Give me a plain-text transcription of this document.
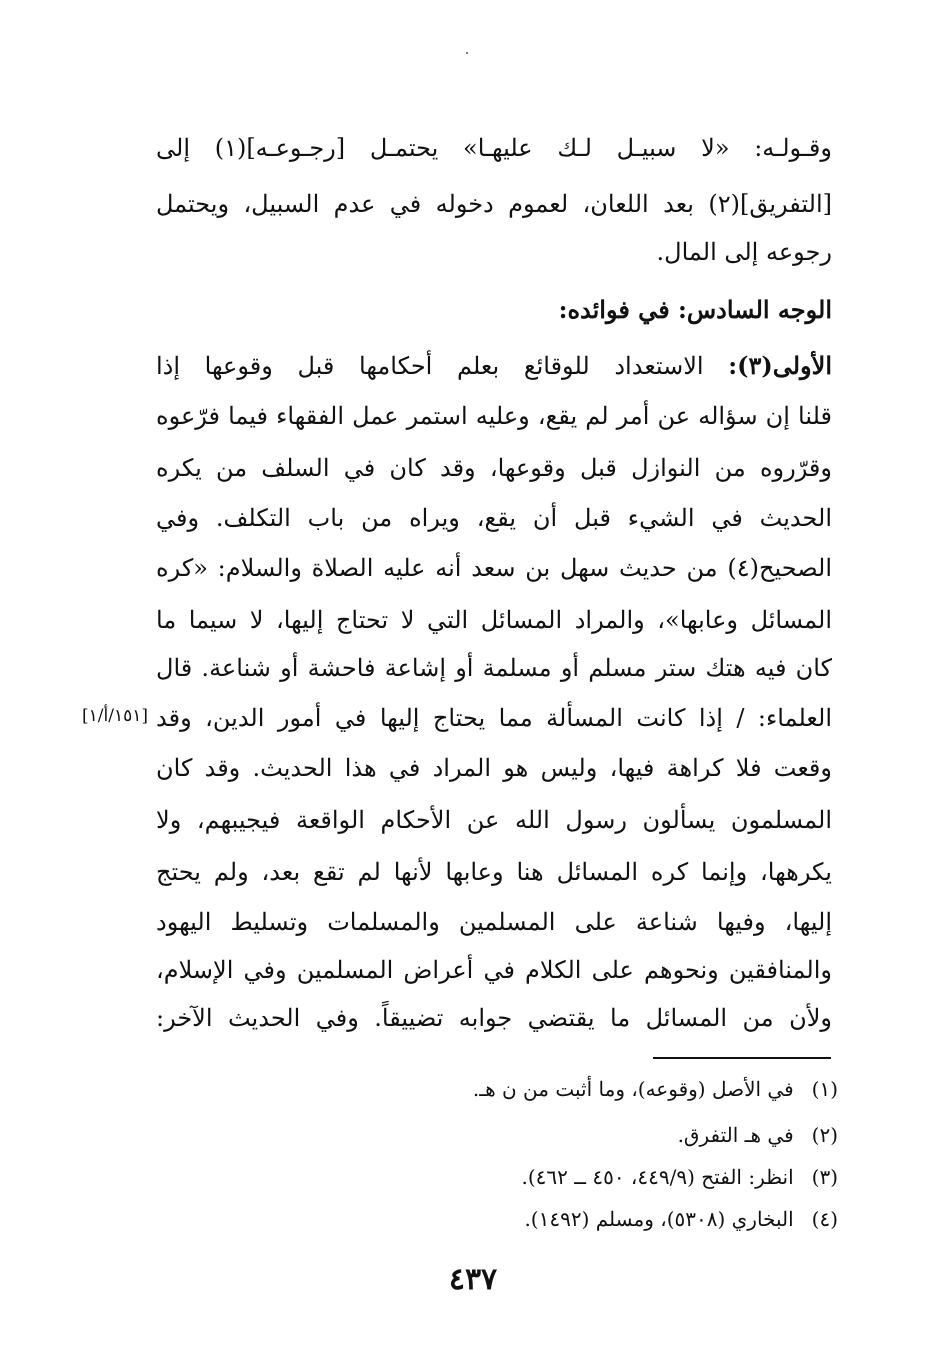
وقـولـه: «لا سبيـل لـك عليهـا» يحتمـل [رجـوعـه](١) إلى
[التفريق](٢) بعد اللعان، لعموم دخوله في عدم السبيل، ويحتمل
رجوعه إلى المال.
الوجه السادس: في فوائده:
الأولى(٣): الاستعداد للوقائع بعلم أحكامها قبل وقوعها إذا
قلنا إن سؤاله عن أمر لم يقع، وعليه استمر عمل الفقهاء فيما فرّعوه
وقرّروه من النوازل قبل وقوعها، وقد كان في السلف من يكره
الحديث في الشيء قبل أن يقع، ويراه من باب التكلف. وفي
الصحيح(٤) من حديث سهل بن سعد أنه عليه الصلاة والسلام: «كره
المسائل وعابها»، والمراد المسائل التي لا تحتاج إليها، لا سيما ما
كان فيه هتك ستر مسلم أو مسلمة أو إشاعة فاحشة أو شناعة. قال
العلماء: / إذا كانت المسألة مما يحتاج إليها في أمور الدين، وقد
وقعت فلا كراهة فيها، وليس هو المراد في هذا الحديث. وقد كان
المسلمون يسألون رسول الله عن الأحكام الواقعة فيجيبهم، ولا
يكرهها، وإنما كره المسائل هنا وعابها لأنها لم تقع بعد، ولم يحتج
إليها، وفيها شناعة على المسلمين والمسلمات وتسليط اليهود
والمنافقين ونحوهم على الكلام في أعراض المسلمين وفي الإسلام،
ولأن من المسائل ما يقتضي جوابه تضييقاً. وفي الحديث الآخر:
[١٥١/أ/١]
(١) في الأصل (وقوعه)، وما أثبت من ن هـ.
(٢) في هـ التفرق.
(٣) انظر: الفتح (٤٤٩/٩، ٤٥٠ ــ ٤٦٢).
(٤) البخاري (٥٣٠٨)، ومسلم (١٤٩٢).
٤٣٧
